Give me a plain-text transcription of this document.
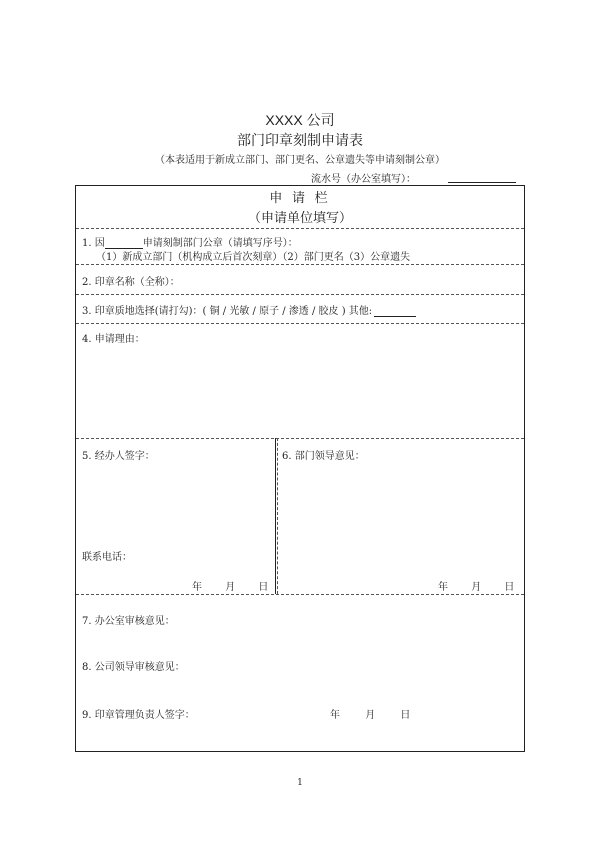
XXXX 公司
部门印章刻制申请表
（本表适用于新成立部门、部门更名、公章遗失等申请刻制公章）
流水号（办公室填写）：
申 请 栏
（申请单位填写）
1. 因	申请刻制部门公章（请填写序号）：
（1）新成立部门（机构成立后首次刻章）（2）部门更名（3）公章遗失
2. 印章名称（全称）：
3. 印章质地选择(请打勾)：( 铜 / 光敏 / 原子 / 渗透 / 胶皮 ) 其他:
4. 申请理由：
5. 经办人签字：
联系电话：
年 月 日
6. 部门领导意见：
年 月 日
7. 办公室审核意见：
8. 公司领导审核意见：
9. 印章管理负责人签字：	年	月	日
1
